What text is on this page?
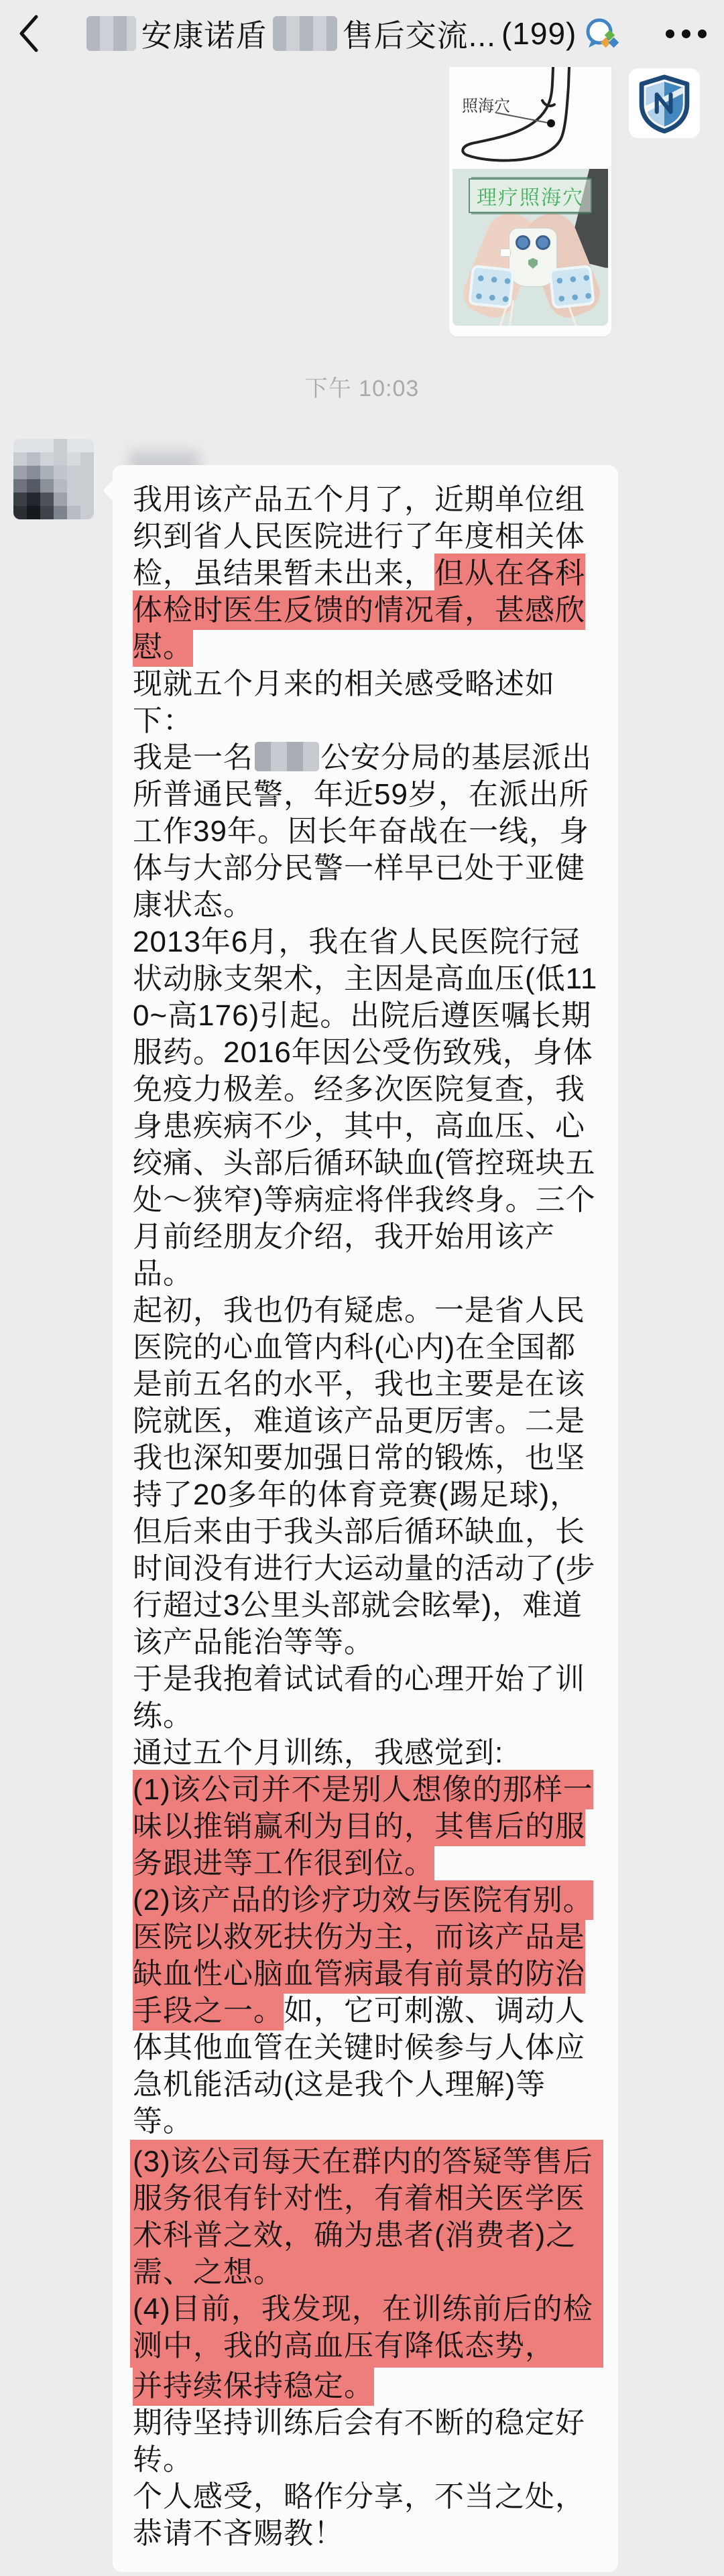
安康诺盾 售后交流... (199)
照海穴
理疗照海穴
下午 10:03
我用该产品五个月了，近期单位组织到省人民医院进行了年度相关体检，虽结果暂未出来，但从在各科体检时医生反馈的情况看，甚感欣慰。
现就五个月来的相关感受略述如下：
我是一名 公安分局的基层派出所普通民警，年近59岁，在派出所工作39年。因长年奋战在一线，身体与大部分民警一样早已处于亚健康状态。
2013年6月，我在省人民医院行冠状动脉支架术，主因是高血压(低110~高176)引起。出院后遵医嘱长期服药。2016年因公受伤致残，身体免疫力极差。经多次医院复查，我身患疾病不少，其中，高血压、心绞痛、头部后循环缺血(管控斑块五处～狭窄)等病症将伴我终身。三个月前经朋友介绍，我开始用该产品。
起初，我也仍有疑虑。一是省人民医院的心血管内科(心内)在全国都是前五名的水平，我也主要是在该院就医，难道该产品更厉害。二是我也深知要加强日常的锻炼，也坚持了20多年的体育竞赛(踢足球)，但后来由于我头部后循环缺血，长时间没有进行大运动量的活动了(步行超过3公里头部就会眩晕)，难道该产品能治等等。
于是我抱着试试看的心理开始了训练。
通过五个月训练，我感觉到:
(1)该公司并不是别人想像的那样一味以推销赢利为目的，其售后的服务跟进等工作很到位。
(2)该产品的诊疗功效与医院有别。医院以救死扶伤为主，而该产品是缺血性心脑血管病最有前景的防治手段之一。如，它可刺激、调动人体其他血管在关键时候参与人体应急机能活动(这是我个人理解)等等。
(3)该公司每天在群内的答疑等售后服务很有针对性，有着相关医学医术科普之效，确为患者(消费者)之需、之想。
(4)目前，我发现，在训练前后的检测中，我的高血压有降低态势，
并持续保持稳定。
期待坚持训练后会有不断的稳定好转。
个人感受，略作分享，不当之处，恭请不吝赐教！
